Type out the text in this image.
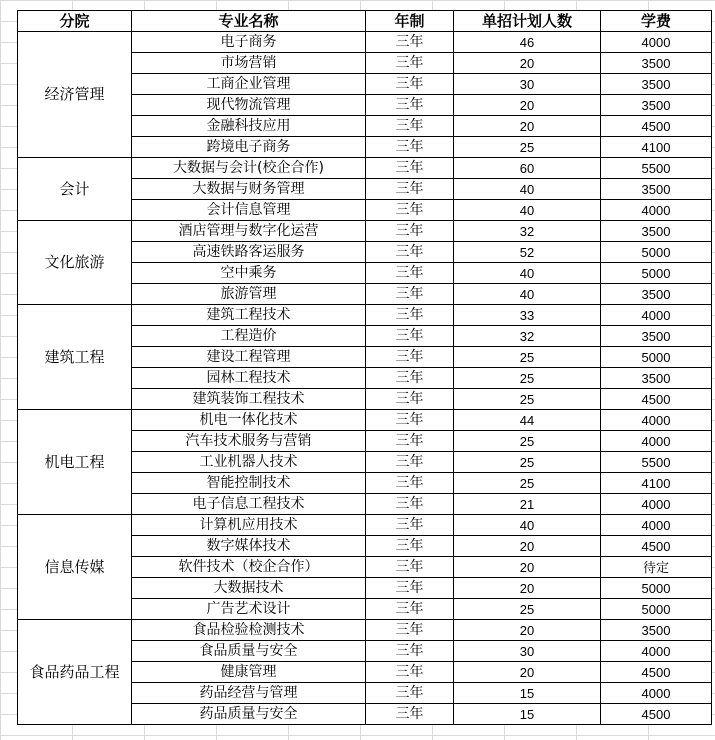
分院	专业名称	年制	单招计划人数	学费
经济管理	电子商务	三年	46	4000
	市场营销	三年	20	3500
	工商企业管理	三年	30	3500
	现代物流管理	三年	20	3500
	金融科技应用	三年	20	4500
	跨境电子商务	三年	25	4100
会计	大数据与会计(校企合作)	三年	60	5500
	大数据与财务管理	三年	40	3500
	会计信息管理	三年	40	4000
文化旅游	酒店管理与数字化运营	三年	32	3500
	高速铁路客运服务	三年	52	5000
	空中乘务	三年	40	5000
	旅游管理	三年	40	3500
建筑工程	建筑工程技术	三年	33	4000
	工程造价	三年	32	3500
	建设工程管理	三年	25	5000
	园林工程技术	三年	25	3500
	建筑装饰工程技术	三年	25	4500
机电工程	机电一体化技术	三年	44	4000
	汽车技术服务与营销	三年	25	4000
	工业机器人技术	三年	25	5500
	智能控制技术	三年	25	4100
	电子信息工程技术	三年	21	4000
信息传媒	计算机应用技术	三年	40	4000
	数字媒体技术	三年	20	4500
	软件技术（校企合作）	三年	20	待定
	大数据技术	三年	20	5000
	广告艺术设计	三年	25	5000
食品药品工程	食品检验检测技术	三年	20	3500
	食品质量与安全	三年	30	4000
	健康管理	三年	20	4500
	药品经营与管理	三年	15	4000
	药品质量与安全	三年	15	4500
